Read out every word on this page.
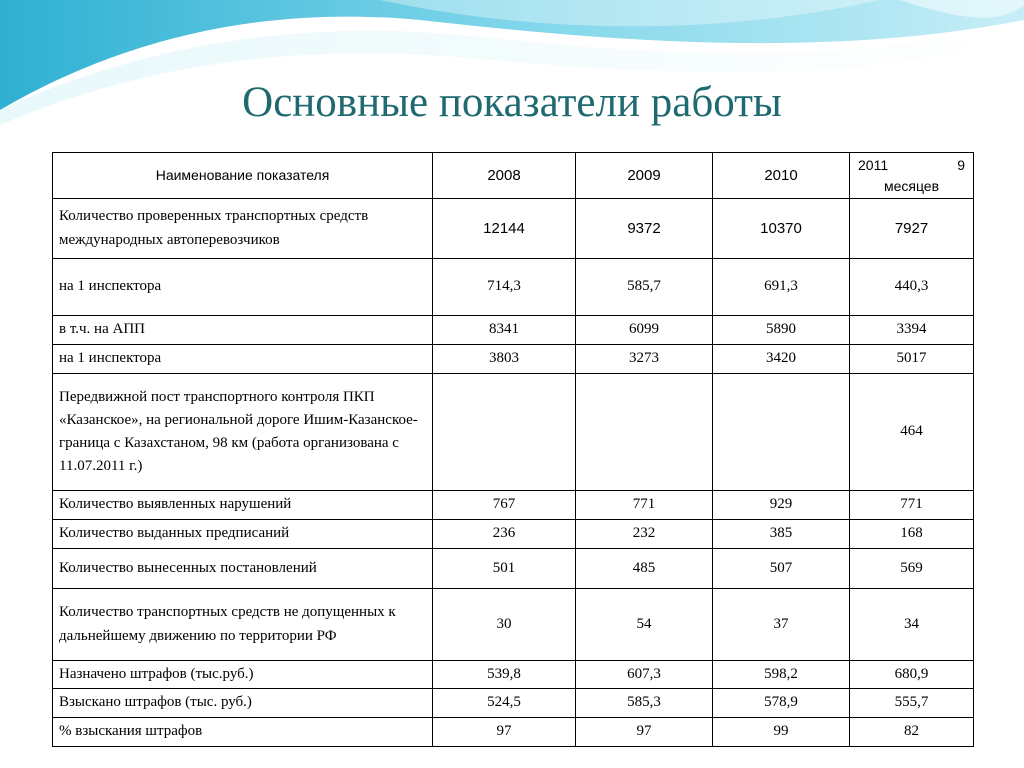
Основные показатели работы
Наименование показателя	2008	2009	2010	2011 9
месяцев

Количество проверенных транспортных средств международных автоперевозчиков	12144	9372	10370	7927
на 1 инспектора	714,3	585,7	691,3	440,3
в т.ч. на АПП	8341	6099	5890	3394
на 1 инспектора	3803	3273	3420	5017
Передвижной пост транспортного контроля ПКП «Казанское», на региональной дороге Ишим-Казанское-граница с Казахстаном, 98 км (работа организована с 11.07.2011 г.)				464
Количество выявленных нарушений	767	771	929	771
Количество выданных предписаний	236	232	385	168
Количество вынесенных постановлений	501	485	507	569
Количество транспортных средств не допущенных к дальнейшему движению по территории РФ	30	54	37	34
Назначено штрафов (тыс.руб.)	539,8	607,3	598,2	680,9
Взыскано штрафов (тыс. руб.)	524,5	585,3	578,9	555,7
% взыскания штрафов	97	97	99	82
